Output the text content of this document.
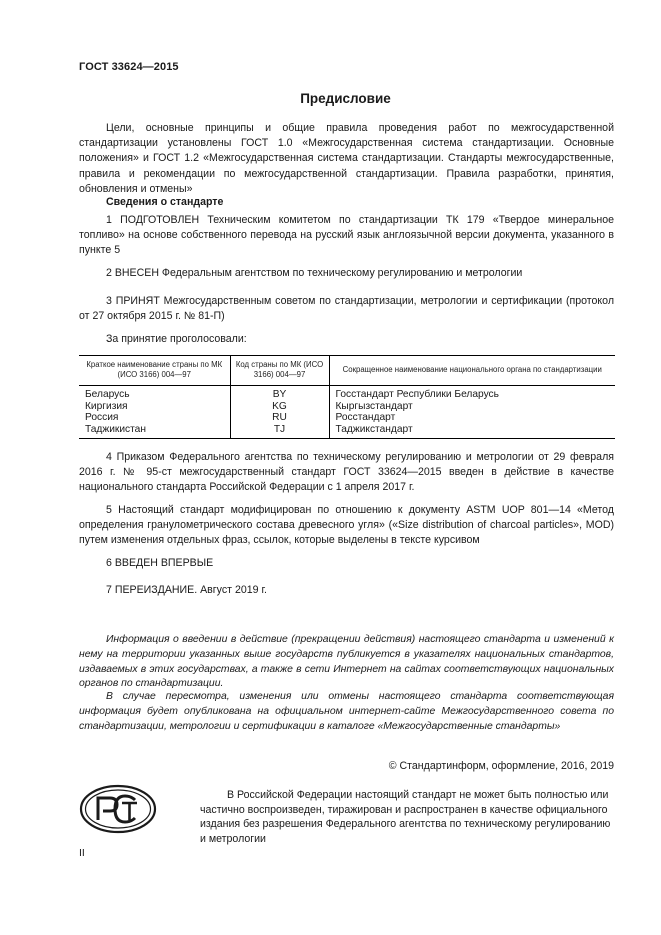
ГОСТ 33624—2015
Предисловие
Цели, основные принципы и общие правила проведения работ по межгосударственной стандартизации установлены ГОСТ 1.0 «Межгосударственная система стандартизации. Основные положения» и ГОСТ 1.2 «Межгосударственная система стандартизации. Стандарты межгосударственные, правила и рекомендации по межгосударственной стандартизации. Правила разработки, принятия, обновления и отмены»
Сведения о стандарте
1 ПОДГОТОВЛЕН Техническим комитетом по стандартизации ТК 179 «Твердое минеральное топливо» на основе собственного перевода на русский язык англоязычной версии документа, указанного в пункте 5
2 ВНЕСЕН Федеральным агентством по техническому регулированию и метрологии
3 ПРИНЯТ Межгосударственным советом по стандартизации, метрологии и сертификации (протокол от 27 октября 2015 г. № 81-П)
За принятие проголосовали:
Краткое наименование страны по МК (ИСО 3166) 004—97	Код страны по МК (ИСО 3166) 004—97	Сокращенное наименование национального органа по стандартизации
Беларусь	BY	Госстандарт Республики Беларусь
Киргизия	KG	Кыргызстандарт
Россия	RU	Росстандарт
Таджикистан	TJ	Таджикстандарт
4 Приказом Федерального агентства по техническому регулированию и метрологии от 29 февраля 2016 г. № 95-ст межгосударственный стандарт ГОСТ 33624—2015 введен в действие в качестве национального стандарта Российской Федерации с 1 апреля 2017 г.
5 Настоящий стандарт модифицирован по отношению к документу ASTM UOP 801—14 «Метод определения гранулометрического состава древесного угля» («Size distribution of charcoal particles», MOD) путем изменения отдельных фраз, ссылок, которые выделены в тексте курсивом
6 ВВЕДЕН ВПЕРВЫЕ
7 ПЕРЕИЗДАНИЕ. Август 2019 г.
Информация о введении в действие (прекращении действия) настоящего стандарта и изменений к нему на территории указанных выше государств публикуется в указателях национальных стандартов, издаваемых в этих государствах, а также в сети Интернет на сайтах соответствующих национальных органов по стандартизации.
В случае пересмотра, изменения или отмены настоящего стандарта соответствующая информация будет опубликована на официальном интернет-сайте Межгосударственного совета по стандартизации, метрологии и сертификации в каталоге «Межгосударственные стандарты»
© Стандартинформ, оформление, 2016, 2019
В Российской Федерации настоящий стандарт не может быть полностью или частично воспроизведен, тиражирован и распространен в качестве официального издания без разрешения Федерального агентства по техническому регулированию и метрологии
II
